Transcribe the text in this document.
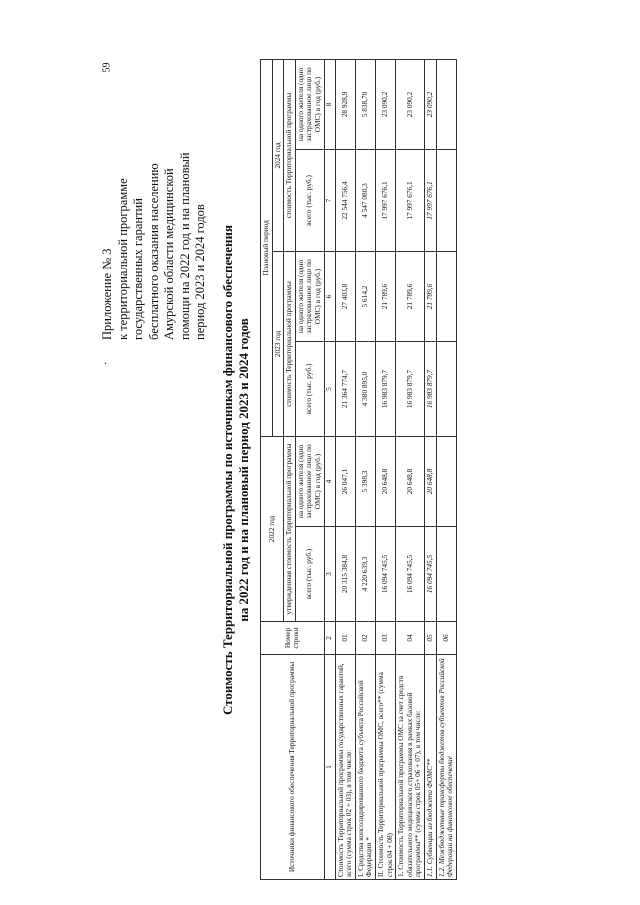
59
.
Приложение № 3 к территориальной программе государственных гарантий бесплатного оказания населению Амурской области медицинской помощи на 2022 год и на плановый период 2023 и 2024 годов Стоимость Территориальной программы по источникам финансового обеспечения на 2022 год и на плановый период 2023 и 2024 годов
Источники финансового обеспечения Территориальной программы	Номер строки	2022 год		Плановый период			
				2023 год		2024 год	
		утвержденная стоимость Территориальной программы		стоимость Территориальной программы		стоимость Территориальной программы	
		всего (тыс. руб.)	на одного жителя (одно застрахованное лицо по ОМС) в год (руб.)	всего (тыс. руб.)	на одного жителя (одно застрахованное лицо по ОМС) в год (руб.)	всего (тыс. руб.)	на одного жителя (одно застрахованное лицо по ОМС) в год (руб.)
1	2	3	4	5	6	7	8
Стоимость Территориальной программы государственных гарантий, всего (сумма строк 02 + 03), в том числе:	01	20 315 384,8	26 047,1	21 364 774,7	27 403,8	22 544 756,4	28 928,9
I. Средства консолидированного бюджета субъекта Российской Федерации *	02	4 220 639,3	5 398,3	4 380 895,0	5 614,2	4 547 080,3	5 838,70
II. Стоимость Территориальной программы ОМС, всего** (сумма строк 04 + 08)	03	16 094 745,5	20 648,8	16 983 879,7	21 789,6	17 997 676,1	23 090,2
1. Стоимость Территориальной программы ОМС за счет средств обязательного медицинского страхования в рамках базовой программы** (сумма строк 05+ 06 + 07), в том числе:	04	16 094 745,5	20 648,8	16 983 879,7	21 789,6	17 997 676,1	23 090,2
1.1. Субвенции из бюджета ФОМС**	05	16 094 745,5	20 648,8	16 983 879,7	21 789,6	17 997 676,1	23 090,2
1.2. Межбюджетные трансферты бюджетов субъектов Российской Федерации на финансовое обеспечение	06						
